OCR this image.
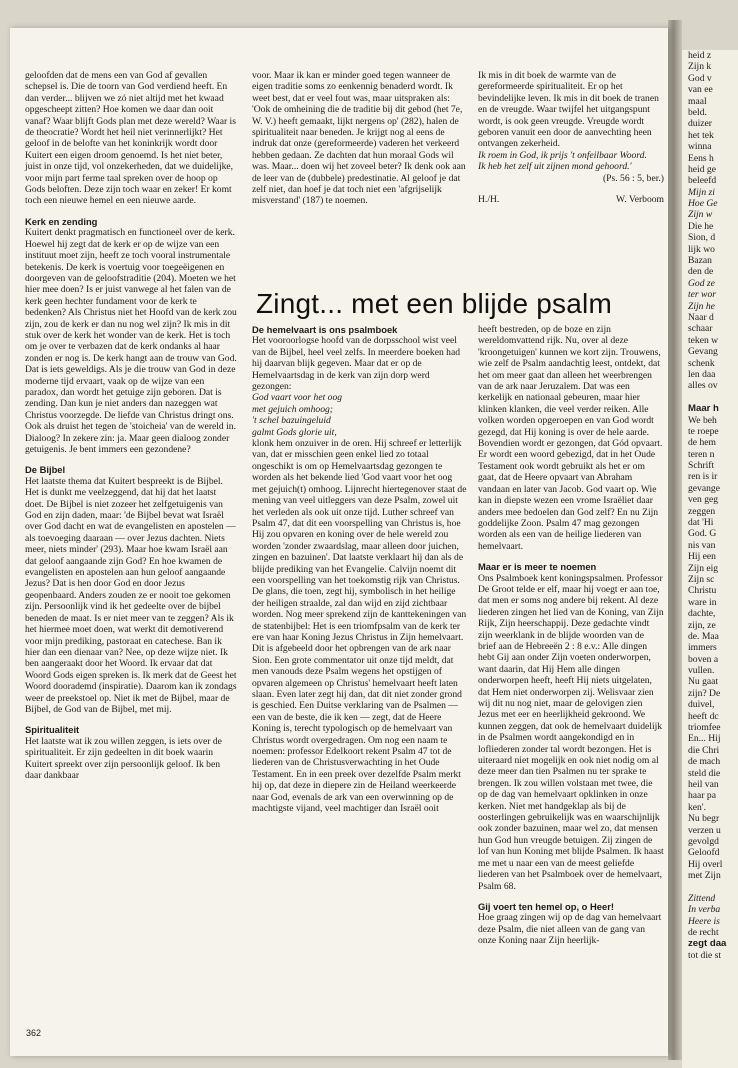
geloofden dat de mens een van God af gevallen schepsel is. Die de toorn van God verdiend heeft. En dan verder... blijven we zó niet altijd met het kwaad opgescheept zitten? Hoe komen we daar dan ooit vanaf? Waar blijft Gods plan met deze wereld? Waar is de theocratie? Wordt het heil niet verinnerlijkt? Het geloof in de belofte van het koninkrijk wordt door Kuitert een eigen droom genoemd. Is het niet beter, juist in onze tijd, vol onzekerheden, dat we duidelijke, voor mijn part ferme taal spreken over de hoop op Gods beloften. Deze zijn toch waar en zeker! Er komt toch een nieuwe hemel en een nieuwe aarde.

Kerk en zending

Kuitert denkt pragmatisch en functioneel over de kerk. Hoewel hij zegt dat de kerk er op de wijze van een instituut moet zijn, heeft ze toch vooral instrumentale betekenis. De kerk is voertuig voor toegeëigenen en doorgeven van de geloofstraditie (204). Moeten we het hier mee doen? Is er juist vanwege al het falen van de kerk geen hechter fundament voor de kerk te bedenken? Als Christus niet het Hoofd van de kerk zou zijn, zou de kerk er dan nu nog wel zijn? Ik mis in dit stuk over de kerk het wonder van de kerk. Het is toch om je over te verbazen dat de kerk ondanks al haar zonden er nog is. De kerk hangt aan de trouw van God. Dat is iets geweldigs. Als je die trouw van God in deze moderne tijd ervaart, vaak op de wijze van een paradox, dan wordt het getuige zijn geboren. Dat is zending. Dan kun je niet anders dan nazeggen wat Christus voorzegde. De liefde van Christus dringt ons. Ook als druist het tegen de 'stoicheia' van de wereld in. Dialoog? In zekere zin: ja. Maar geen dialoog zonder getuigenis. Je bent immers een gezondene?

De Bijbel

Het laatste thema dat Kuitert bespreekt is de Bijbel. Het is dunkt me veelzeggend, dat hij dat het laatst doet. De Bijbel is niet zozeer het zelfgetuigenis van God en zijn daden, maar: 'de Bijbel bevat wat Israël over God dacht en wat de evangelisten en apostelen — als toevoeging daaraan — over Jezus dachten. Niets meer, niets minder' (293). Maar hoe kwam Israël aan dat geloof aangaande zijn God? En hoe kwamen de evangelisten en apostelen aan hun geloof aangaande Jezus? Dat is hen door God en door Jezus geopenbaard. Anders zouden ze er nooit toe gekomen zijn. Persoonlijk vind ik het gedeelte over de bijbel beneden de maat. Is er niet meer van te zeggen? Als ik het hiermee moet doen, wat werkt dit demotiverend voor mijn prediking, pastoraat en catechese. Ban ik hier dan een dienaar van? Nee, op deze wijze niet. Ik ben aangeraakt door het Woord. Ik ervaar dat dat Woord Gods eigen spreken is. Ik merk dat de Geest het Woord doorademd (inspiratie). Daarom kan ik zondags weer de preekstoel op. Niet ik met de Bijbel, maar de Bijbel, de God van de Bijbel, met mij.

Spiritualiteit

Het laatste wat ik zou willen zeggen, is iets over de spiritualiteit. Er zijn gedeelten in dit boek waarin Kuitert spreekt over zijn persoonlijk geloof. Ik ben daar dankbaar

voor. Maar ik kan er minder goed tegen wanneer de eigen traditie soms zo eenkennig benaderd wordt. Ik weet best, dat er veel fout was, maar uitspraken als: 'Ook de omheining die de traditie bij dit gebod (het 7e, W. V.) heeft gemaakt, lijkt nergens op' (282), halen de spiritualiteit naar beneden. Je krijgt nog al eens de indruk dat onze (gereformeerde) vaderen het verkeerd hebben gedaan. Ze dachten dat hun moraal Gods wil was. Maar... doen wij het zoveel beter? Ik denk ook aan de leer van de (dubbele) predestinatie. Al geloof je dat zelf niet, dan hoef je dat toch niet een 'afgrijselijk misverstand' (187) te noemen.

Ik mis in dit boek de warmte van de gereformeerde spiritualiteit. Er op het bevindelijke leven. Ik mis in dit boek de tranen en de vreugde. Waar twijfel het uitgangspunt wordt, is ook geen vreugde. Vreugde wordt geboren vanuit een door de aanvechting heen ontvangen zekerheid.

Ik roem in God, ik prijs 't onfeilbaar Woord.
Ik heb het zelf uit zijnen mond gehoord.'

(Ps. 56 : 5, ber.)

H./H.	W. Verboom
Zingt... met een blijde psalm

De hemelvaart is ons psalmboek

Het vooroorlogse hoofd van de dorpsschool wist veel van de Bijbel, heel veel zelfs. In meerdere boeken had hij daarvan blijk gegeven. Maar dat er op de Hemelvaartsdag in de kerk van zijn dorp werd gezongen:

God vaart voor het oog
met gejuich omhoog;
't schel bazuingeluid
galmt Gods glorie uit,

klonk hem onzuiver in de oren. Hij schreef er letterlijk van, dat er misschien geen enkel lied zo totaal ongeschikt is om op Hemelvaartsdag gezongen te worden als het bekende lied 'God vaart voor het oog met gejuich(t) omhoog. Lijnrecht hiertegenover staat de mening van veel uitleggers van deze Psalm, zowel uit het verleden als ook uit onze tijd. Luther schreef van Psalm 47, dat dit een voorspelling van Christus is, hoe Hij zou opvaren en koning over de hele wereld zou worden 'zonder zwaardslag, maar alleen door juichen, zingen en bazuinen'. Dat laatste verklaart hij dan als de blijde prediking van het Evangelie. Calvijn noemt dit een voorspelling van het toekomstig rijk van Christus. De glans, die toen, zegt hij, symbolisch in het heilige der heiligen straalde, zal dan wijd en zijd zichtbaar worden. Nog meer sprekend zijn de kanttekeningen van de statenbijbel: Het is een triomfpsalm van de kerk ter ere van haar Koning Jezus Christus in Zijn hemelvaart. Dit is afgebeeld door het opbrengen van de ark naar Sion. Een grote commentator uit onze tijd meldt, dat men vanouds deze Psalm wegens het opstijgen of opvaren algemeen op Christus' hemelvaart heeft laten slaan. Even later zegt hij dan, dat dit niet zonder grond is geschied. Een Duitse verklaring van de Psalmen — een van de beste, die ik ken — zegt, dat de Heere Koning is, terecht typologisch op de hemelvaart van Christus wordt overgedragen. Om nog een naam te noemen: professor Edelkoort rekent Psalm 47 tot de liederen van de Christusverwachting in het Oude Testament. En in een preek over dezelfde Psalm merkt hij op, dat deze in diepere zin de Heiland weerkeerde naar God, evenals de ark van een overwinning op de machtigste vijand, veel machtiger dan Israël ooit

heeft bestreden, op de boze en zijn wereldomvattend rijk. Nu, over al deze 'kroongetuigen' kunnen we kort zijn. Trouwens, wie zelf de Psalm aandachtig leest, ontdekt, dat het om meer gaat dan alleen het weerbrengen van de ark naar Jeruzalem. Dat was een kerkelijk en nationaal gebeuren, maar hier klinken klanken, die veel verder reiken. Alle volken worden opgeroepen en van God wordt gezegd, dat Hij koning is over de hele aarde. Bovendien wordt er gezongen, dat Gód opvaart. Er wordt een woord gebezigd, dat in het Oude Testament ook wordt gebruikt als het er om gaat, dat de Heere opvaart van Abraham vandaan en later van Jacob. God vaart op. Wie kan in diepste wezen een vrome Israëliet daar anders mee bedoelen dan God zelf? En nu Zijn goddelijke Zoon. Psalm 47 mag gezongen worden als een van de heilige liederen van hemelvaart.

Maar er is meer te noemen

Ons Psalmboek kent koningspsalmen. Professor De Groot telde er elf, maar hij voegt er aan toe, dat men er soms nog andere bij rekent. Al deze liederen zingen het lied van de Koning, van Zijn Rijk, Zijn heerschappij. Deze gedachte vindt zijn weerklank in de blijde woorden van de brief aan de Hebreeën 2 : 8 e.v.: Alle dingen hebt Gij aan onder Zijn voeten onderworpen, want daarin, dat Hij Hem alle dingen onderworpen heeft, heeft Hij niets uitgelaten, dat Hem niet onderworpen zij. Welisvaar zien wij dit nu nog niet, maar de gelovigen zien Jezus met eer en heerlijkheid gekroond. We kunnen zeggen, dat ook de hemelvaart duidelijk in de Psalmen wordt aangekondigd en in lofliederen zonder tal wordt bezongen. Het is uiteraard niet mogelijk en ook niet nodig om al deze meer dan tien Psalmen nu ter sprake te brengen. Ik zou willen volstaan met twee, die op de dag van hemelvaart opklinken in onze kerken. Niet met handgeklap als bij de oosterlingen gebruikelijk was en waarschijnlijk ook zonder bazuinen, maar wel zo, dat mensen hun God hun vreugde betuigen. Zij zingen de lof van hun Koning met blijde Psalmen. Ik haast me met u naar een van de meest geliefde liederen van het Psalmboek over de hemelvaart, Psalm 68.

Gij voert ten hemel op, o Heer!

Hoe graag zingen wij op de dag van hemelvaart deze Psalm, die niet alleen van de gang van onze Koning naar Zijn heerlijk-

362
heid z
Zijn k
God v
van ee
maal
beld.
duizer
het tek
winna
Eens h
heid ge
beleefd
Mijn zi
Hoe Ge
Zijn w
Die he
Sion, d
lijk wo
Bazan
den de
God ze
ter wor
Zijn he
Naar d
schaar
teken w
Gevang
schenk
len daa
alles ov
Maar h
We beh
te roepe
de hem
teren n
Schrift
ren is ir
gevange
ven geg
zeggen
dat 'Hi
God. G
nis van
Hij een
Zijn eig
Zijn sc
Christu
ware in
dachte,
zijn, ze
de. Maa
immers
boven a
vullen.
Nu gaat
zijn? De
duivel,
heeft dc
triomfee
En... Hij
die Chri
de mach
steld die
heil van
haar pa
ken'.
Nu begr
verzen u
gevolgd
Geloofd
Hij overl
met Zijn
Zittend
In verba
Heere is
de recht
zegt daa
tot die st
